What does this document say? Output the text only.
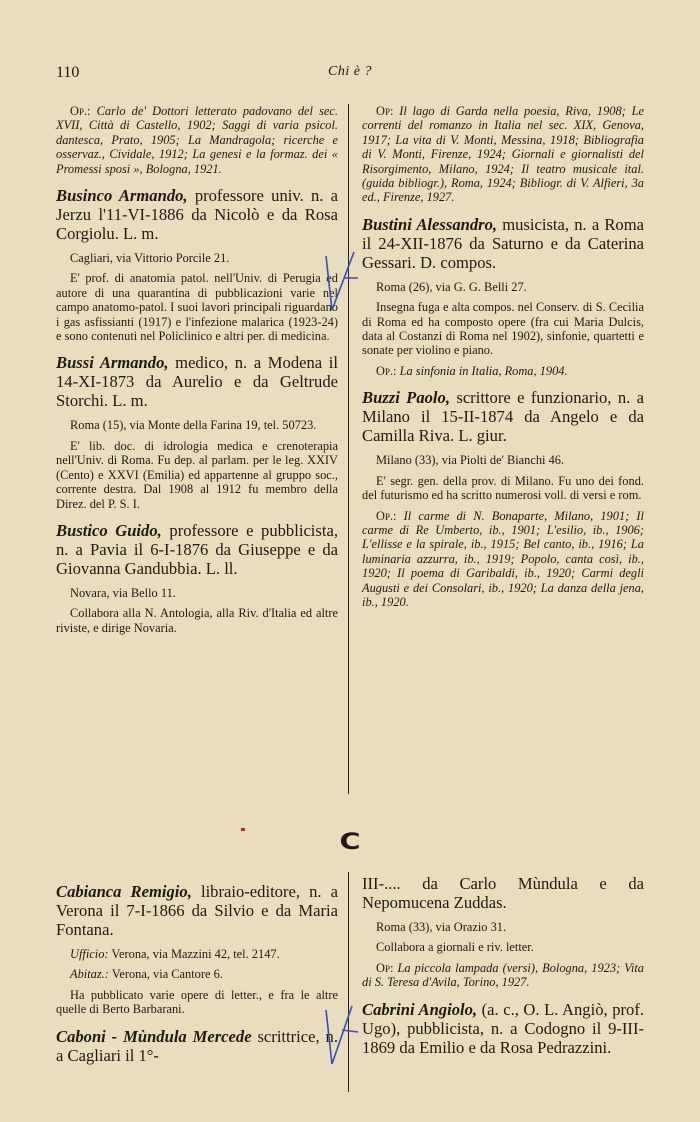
110	Chi è ?

Op.: Carlo de' Dottori letterato padovano del sec. XVII, Città di Castello, 1902; Saggi di varia psicol. dantesca, Prato, 1905; La Mandragola; ricerche e osservaz., Cividale, 1912; La genesi e la formaz. dei « Promessi sposi », Bologna, 1921.

Businco Armando, professore univ. n. a Jerzu l'11-VI-1886 da Nicolò e da Rosa Corgiolu. L. m.

Cagliari, via Vittorio Porcile 21.

E' prof. di anatomia patol. nell'Univ. di Perugia ed autore di una quarantina di pubblicazioni varie nel campo anatomo-patol. I suoi lavori principali riguardano i gas asfissianti (1917) e l'infezione malarica (1923-24) e sono contenuti nel Policlinico e altri per. di medicina.

Bussi Armando, medico, n. a Modena il 14-XI-1873 da Aurelio e da Geltrude Storchi. L. m.

Roma (15), via Monte della Farina 19, tel. 50723.

E' lib. doc. di idrologia medica e crenoterapia nell'Univ. di Roma. Fu dep. al parlam. per le leg. XXIV (Cento) e XXVI (Emilia) ed appartenne al gruppo soc., corrente destra. Dal 1908 al 1912 fu membro della Direz. del P. S. I.

Bustico Guido, professore e pubblicista, n. a Pavia il 6-I-1876 da Giuseppe e da Giovanna Gandubbia. L. ll.

Novara, via Bello 11.

Collabora alla N. Antologia, alla Riv. d'Italia ed altre riviste, e dirige Novaria.

Op: Il lago di Garda nella poesia, Riva, 1908; Le correnti del romanzo in Italia nel sec. XIX, Genova, 1917; La vita di V. Monti, Messina, 1918; Bibliografia di V. Monti, Firenze, 1924; Giornali e giornalisti del Risorgimento, Milano, 1924; Il teatro musicale ital. (guida bibliogr.), Roma, 1924; Bibliogr. di V. Alfieri, 3a ed., Firenze, 1927.

Bustini Alessandro, musicista, n. a Roma il 24-XII-1876 da Saturno e da Caterina Gessari. D. compos.

Roma (26), via G. G. Belli 27.

Insegna fuga e alta compos. nel Conserv. di S. Cecilia di Roma ed ha composto opere (fra cui Maria Dulcis, data al Costanzi di Roma nel 1902), sinfonie, quartetti e sonate per violino e piano.

Op.: La sinfonia in Italia, Roma, 1904.

Buzzi Paolo, scrittore e funzionario, n. a Milano il 15-II-1874 da Angelo e da Camilla Riva. L. giur.

Milano (33), via Piolti de' Bianchi 46.

E' segr. gen. della prov. di Milano. Fu uno dei fond. del futurismo ed ha scritto numerosi voll. di versi e rom.

Op.: Il carme di N. Bonaparte, Milano, 1901; Il carme di Re Umberto, ib., 1901; L'esilio, ib., 1906; L'ellisse e la spirale, ib., 1915; Bel canto, ib., 1916; La luminaria azzurra, ib., 1919; Popolo, canta così, ib., 1920; Il poema di Garibaldi, ib., 1920; Carmi degli Augusti e dei Consolari, ib., 1920; La danza della jena, ib., 1920.

C

Cabianca Remigio, libraio-editore, n. a Verona il 7-I-1866 da Silvio e da Maria Fontana.

Ufficio: Verona, via Mazzini 42, tel. 2147.

Abitaz.: Verona, via Cantore 6.

Ha pubblicato varie opere di letter., e fra le altre quelle di Berto Barbarani.

Caboni - Mùndula Mercede scrittrice, n. a Cagliari il 1°-

III-.... da Carlo Mùndula e da Nepomucena Zuddas.

Roma (33), via Orazio 31.

Collabora a giornali e riv. letter.

Op: La piccola lampada (versi), Bologna, 1923; Vita di S. Teresa d'Avila, Torino, 1927.

Cabrini Angiolo, (a. c., O. L. Angiò, prof. Ugo), pubblicista, n. a Codogno il 9-III-1869 da Emilio e da Rosa Pedrazzini.
